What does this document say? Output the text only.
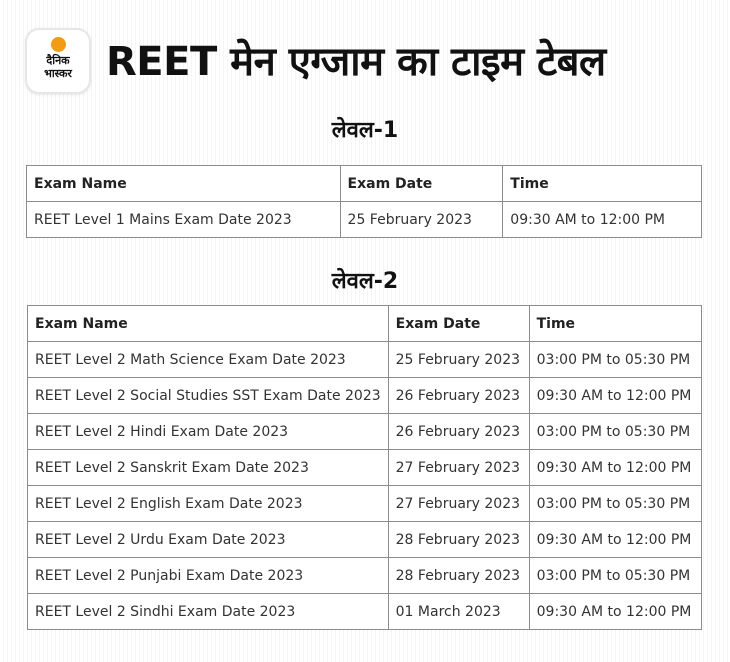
दैनिक
भास्कर REET मेन एग्जाम का टाइम टेबल
लेवल-1
Exam Name	Exam Date	Time
REET Level 1 Mains Exam Date 2023	25 February 2023	09:30 AM to 12:00 PM
लेवल-2
Exam Name	Exam Date	Time
REET Level 2 Math Science Exam Date 2023	25 February 2023	03:00 PM to 05:30 PM
REET Level 2 Social Studies SST Exam Date 2023	26 February 2023	09:30 AM to 12:00 PM
REET Level 2 Hindi Exam Date 2023	26 February 2023	03:00 PM to 05:30 PM
REET Level 2 Sanskrit Exam Date 2023	27 February 2023	09:30 AM to 12:00 PM
REET Level 2 English Exam Date 2023	27 February 2023	03:00 PM to 05:30 PM
REET Level 2 Urdu Exam Date 2023	28 February 2023	09:30 AM to 12:00 PM
REET Level 2 Punjabi Exam Date 2023	28 February 2023	03:00 PM to 05:30 PM
REET Level 2 Sindhi Exam Date 2023	01 March 2023	09:30 AM to 12:00 PM
